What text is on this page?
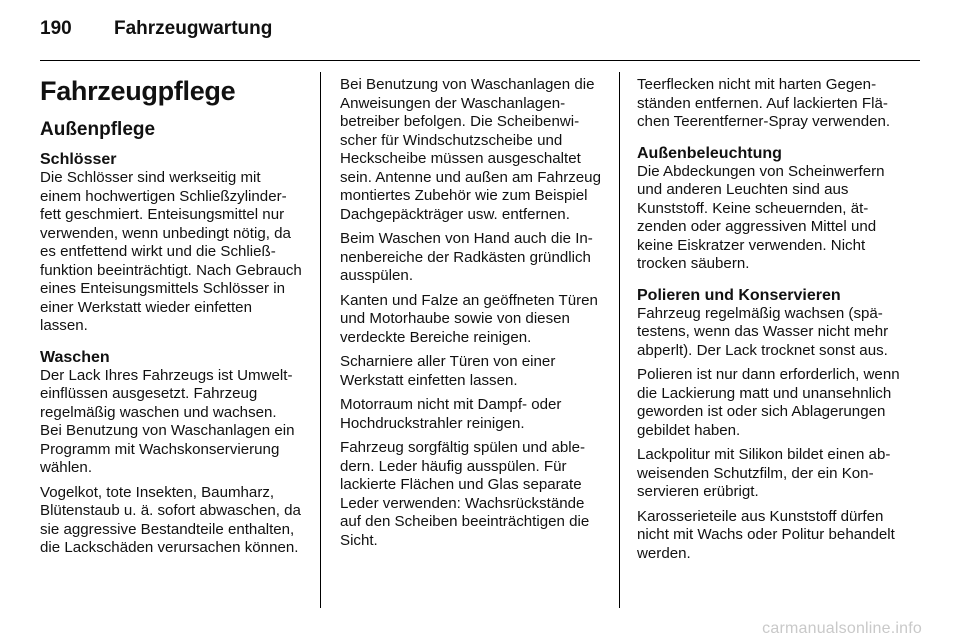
190 Fahrzeugwartung
Fahrzeugpflege
Außenpflege
Schlösser

Die Schlösser sind werkseitig mit einem hochwertigen Schließzylinderfett geschmiert. Enteisungsmittel nur verwenden, wenn unbedingt nötig, da es entfettend wirkt und die Schließfunktion beeinträchtigt. Nach Gebrauch eines Enteisungsmittels Schlösser in einer Werkstatt wieder einfetten lassen.

Waschen

Der Lack Ihres Fahrzeugs ist Umwelteinflüssen ausgesetzt. Fahrzeug regelmäßig waschen und wachsen. Bei Benutzung von Waschanlagen ein Programm mit Wachskonservierung wählen.

Vogelkot, tote Insekten, Baumharz, Blütenstaub u. ä. sofort abwaschen, da sie aggressive Bestandteile enthalten, die Lackschäden verursachen können.

Bei Benutzung von Waschanlagen die Anweisungen der Waschanlagenbetreiber befolgen. Die Scheibenwischer für Windschutzscheibe und Heckscheibe müssen ausgeschaltet sein. Antenne und außen am Fahrzeug montiertes Zubehör wie zum Beispiel Dachgepäckträger usw. entfernen.

Beim Waschen von Hand auch die Innenbereiche der Radkästen gründlich ausspülen.

Kanten und Falze an geöffneten Türen und Motorhaube sowie von diesen verdeckte Bereiche reinigen.

Scharniere aller Türen von einer Werkstatt einfetten lassen.

Motorraum nicht mit Dampf- oder Hochdruckstrahler reinigen.

Fahrzeug sorgfältig spülen und abledern. Leder häufig ausspülen. Für lackierte Flächen und Glas separate Leder verwenden: Wachsrückstände auf den Scheiben beeinträchtigen die Sicht.

Teerflecken nicht mit harten Gegenständen entfernen. Auf lackierten Flächen Teerentferner-Spray verwenden.

Außenbeleuchtung

Die Abdeckungen von Scheinwerfern und anderen Leuchten sind aus Kunststoff. Keine scheuernden, ätzenden oder aggressiven Mittel und keine Eiskratzer verwenden. Nicht trocken säubern.

Polieren und Konservieren

Fahrzeug regelmäßig wachsen (spätestens, wenn das Wasser nicht mehr abperlt). Der Lack trocknet sonst aus.

Polieren ist nur dann erforderlich, wenn die Lackierung matt und unansehnlich geworden ist oder sich Ablagerungen gebildet haben.

Lackpolitur mit Silikon bildet einen abweisenden Schutzfilm, der ein Konservieren erübrigt.

Karosserieteile aus Kunststoff dürfen nicht mit Wachs oder Politur behandelt werden.

carmanualsonline.info
